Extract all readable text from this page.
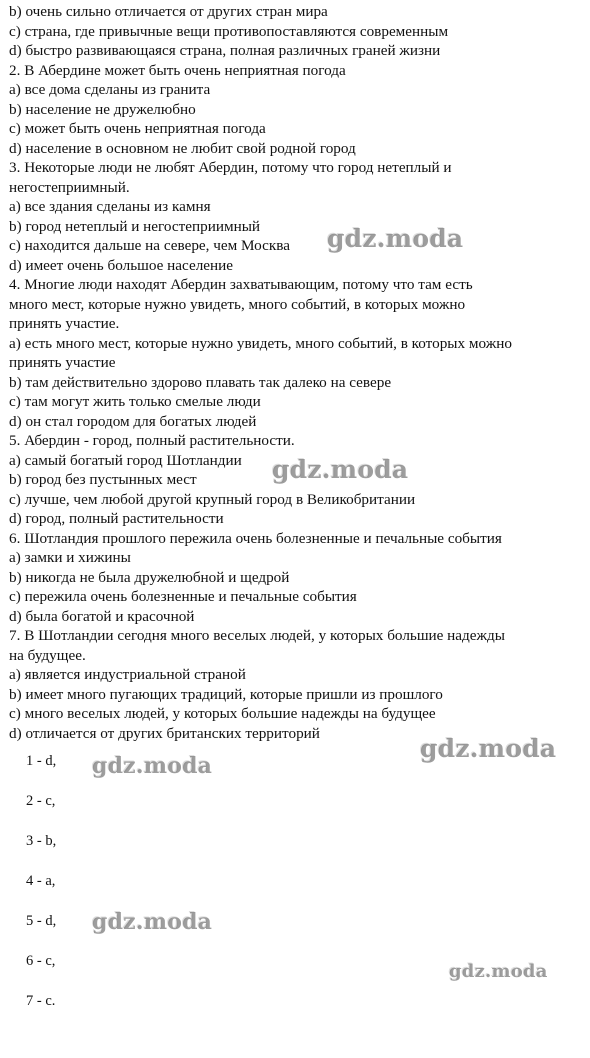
b) очень сильно отличается от других стран мира

c) страна, где привычные вещи противопоставляются современным

d) быстро развивающаяся страна, полная различных граней жизни

2. В Абердине может быть очень неприятная погода

a) все дома сделаны из гранита

b) население не дружелюбно

c) может быть очень неприятная погода

d) население в основном не любит свой родной город

3. Некоторые люди не любят Абердин, потому что город нетеплый и

негостеприимный.

a) все здания сделаны из камня

b) город нетеплый и негостеприимный

c) находится дальше на севере, чем Москва

d) имеет очень большое население

4. Многие люди находят Абердин захватывающим, потому что там есть

много мест, которые нужно увидеть, много событий, в которых можно

принять участие.

a) есть много мест, которые нужно увидеть, много событий, в которых можно

принять участие

b) там действительно здорово плавать так далеко на севере

c) там могут жить только смелые люди

d) он стал городом для богатых людей

5. Абердин - город, полный растительности.

a) самый богатый город Шотландии

b) город без пустынных мест

c) лучше, чем любой другой крупный город в Великобритании

d) город, полный растительности

6. Шотландия прошлого пережила очень болезненные и печальные события

a) замки и хижины

b) никогда не была дружелюбной и щедрой

c) пережила очень болезненные и печальные события

d) была богатой и красочной

7. В Шотландии сегодня много веселых людей, у которых большие надежды

на будущее.

a) является индустриальной страной

b) имеет много пугающих традиций, которые пришли из прошлого

c) много веселых людей, у которых большие надежды на будущее

d) отличается от других британских территорий

1 - d,
2 - c,
3 - b,
4 - a,
5 - d,
6 - c,
7 - c.
gdz.moda
gdz.moda
gdz.moda
gdz.moda
gdz.moda
gdz.moda
